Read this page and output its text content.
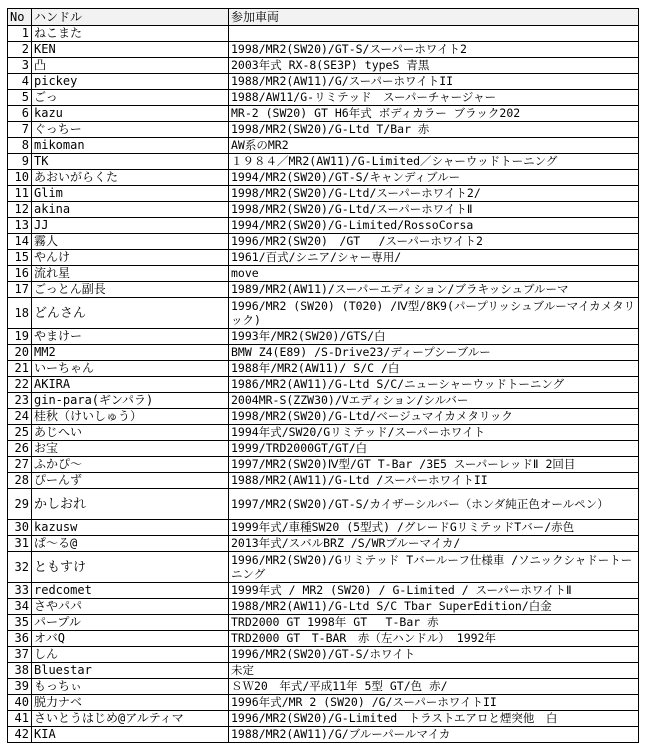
No	ハンドル	参加車両
1	ねこまた	
2	KEN	1998/MR2(SW20)/GT-S/スーパーホワイト2
3	凸	2003年式 RX-8(SE3P) typeS 青黒
4	pickey	1988/MR2(AW11)/G/スーパーホワイトII
5	ごっ	1988/AW11/G-リミテッド　スーパーチャージャー
6	kazu	MR-2 (SW20) GT H6年式 ボディカラー ブラック202
7	ぐっちー	1998/MR2(SW20)/G-Ltd T/Bar 赤
8	mikoman	AW系のMR2
9	TK	１９８４／MR2(AW11)/G-Limited／シャーウッドトーニング
10	あおいがらくた	1994/MR2(SW20)/GT-S/キャンディブルー
11	Glim	1998/MR2(SW20)/G-Ltd/スーパーホワイト2/
12	akina	1998/MR2(SW20)/G-Ltd/スーパーホワイトⅡ
13	JJ	1994/MR2(SW20)/G-Limited/RossoCorsa
14	霧人	1996/MR2(SW20)　/GT　 /スーパーホワイト2
15	やんけ	1961/百式/シニア/シャー専用/
16	流れ星	move
17	ごっとん副長	1989/MR2(AW11)/スーパーエディション/ブラキッシュブルーマ
18	どんさん	1996/MR2 (SW20) (T020) /Ⅳ型/8K9(パープリッシュブルーマイカメタリック)
19	やまけー	1993年/MR2(SW20)/GTS/白
20	MM2	BMW Z4(E89) /S-Drive23/ディープシーブルー
21	いーちゃん	1988年/MR2(AW11)/ S/C /白
22	AKIRA	1986/MR2(AW11)/G-Ltd S/C/ニューシャーウッドトーニング
23	gin-para(ギンパラ)	2004MR-S(ZZW30)/Vエディション/シルバー
24	桂秋（けいしゅう）	1998/MR2(SW20)/G-Ltd/ベージュマイカメタリック
25	あじへい	1994年式/SW20/Gリミテッド/スーパーホワイト
26	お宝	1999/TRD2000GT/GT/白
27	ふかぴ～	1997/MR2(SW20)Ⅳ型/GT T-Bar /3E5 スーパーレッドⅡ 2回目
28	ぴーんず	1988/MR2(AW11)/G-Ltd /スーパーホワイトII
29	かしおれ	1997/MR2(SW20)/GT-S/カイザーシルバー（ホンダ純正色オールペン）
30	kazusw	1999年式/車種SW20 (5型式) /グレードGリミテッドTバー/赤色
31	ぱ～る@	2013年式/スバルBRZ /S/WRブルーマイカ/
32	ともすけ	1996/MR2(SW20)/Gリミテッド Tバールーフ仕様車 /ソニックシャドートーニング
33	redcomet	1999年式 / MR2 (SW20) / G-Limited / スーパーホワイトⅡ
34	さやパパ	1988/MR2(AW11)/G-Ltd S/C Tbar SuperEdition/白金
35	パープル	TRD2000 GT 1998年 GT　 T-Bar 赤
36	オバQ	TRD2000 GT　T-BAR　赤（左ハンドル） 1992年
37	しん	1996/MR2(SW20)/GT-S/ホワイト
38	Bluestar	未定
39	もっちぃ	ＳＷ20　年式/平成11年 5型 GT/色 赤/
40	脱力ナベ	1996年式/MR 2 (SW20) /G/スーパーホワイトII
41	さいとうはじめ@アルティマ	1996/MR2(SW20)/G-Limited　トラストエアロと煙突他　白
42	KIA	1988/MR2(AW11)/G/ブルーパールマイカ
